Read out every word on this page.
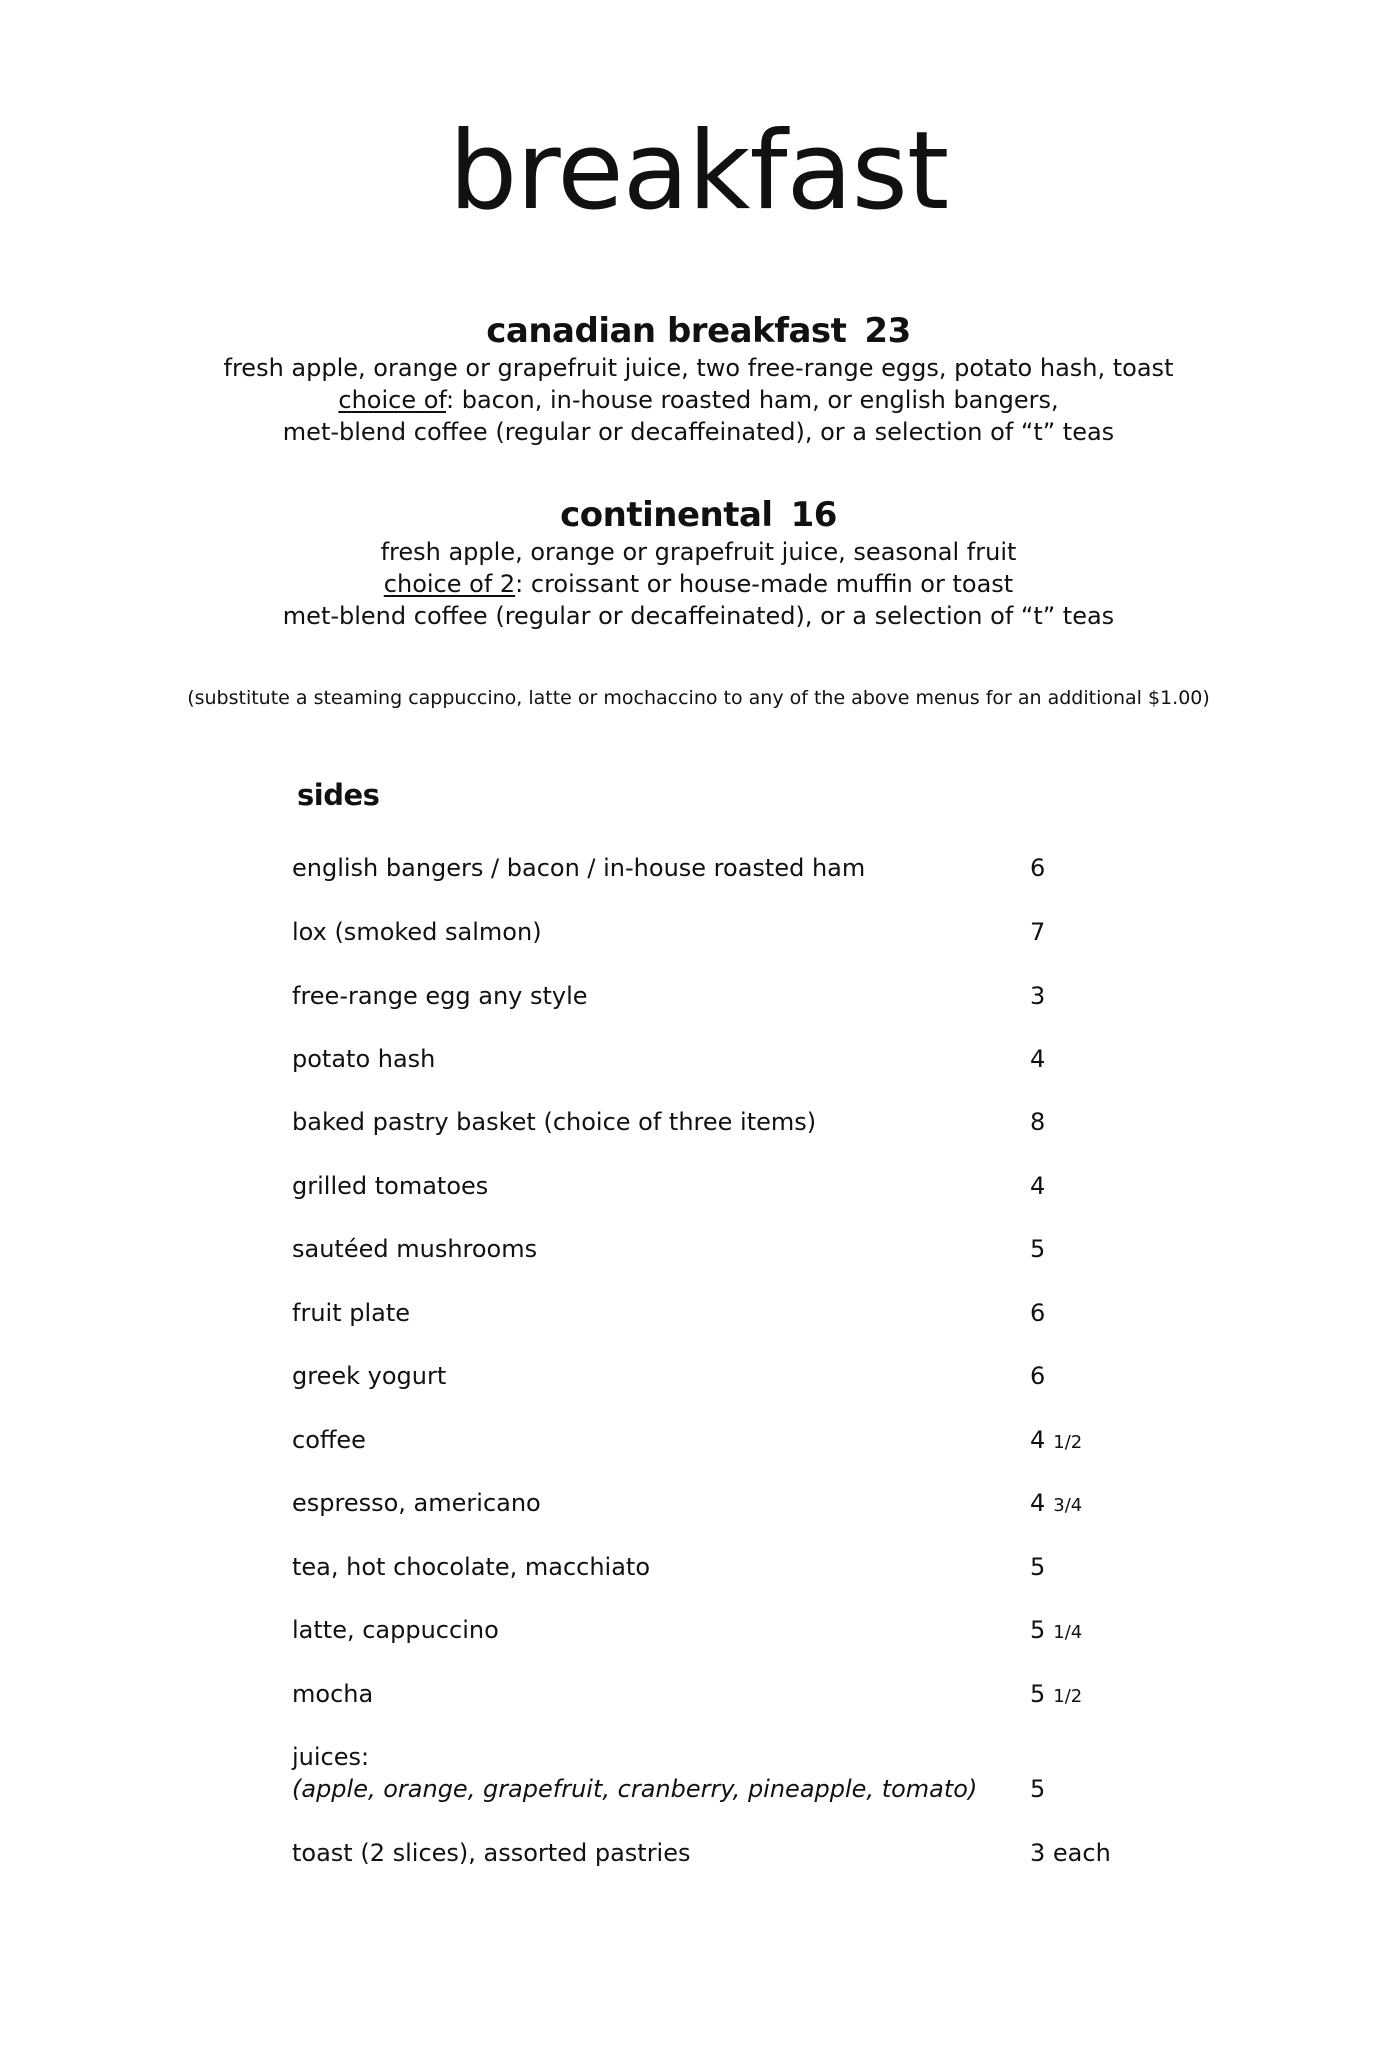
breakfast
canadian breakfast 23
fresh apple, orange or grapefruit juice, two free-range eggs, potato hash, toast
choice of: bacon, in-house roasted ham, or english bangers,
met-blend coffee (regular or decaffeinated), or a selection of “t” teas
continental 16
fresh apple, orange or grapefruit juice, seasonal fruit
choice of 2: croissant or house-made muffin or toast
met-blend coffee (regular or decaffeinated), or a selection of “t” teas
(substitute a steaming cappuccino, latte or mochaccino to any of the above menus for an additional $1.00)
sides
english bangers / bacon / in-house roasted ham	6
lox (smoked salmon)	7
free-range egg any style	3
potato hash	4
baked pastry basket (choice of three items)	8
grilled tomatoes	4
sautéed mushrooms	5
fruit plate	6
greek yogurt	6
coffee	4 1/2
espresso, americano	4 3/4
tea, hot chocolate, macchiato	5
latte, cappuccino	5 1/4
mocha	5 1/2
juices:
(apple, orange, grapefruit, cranberry, pineapple, tomato) 5
toast (2 slices), assorted pastries	3 each
